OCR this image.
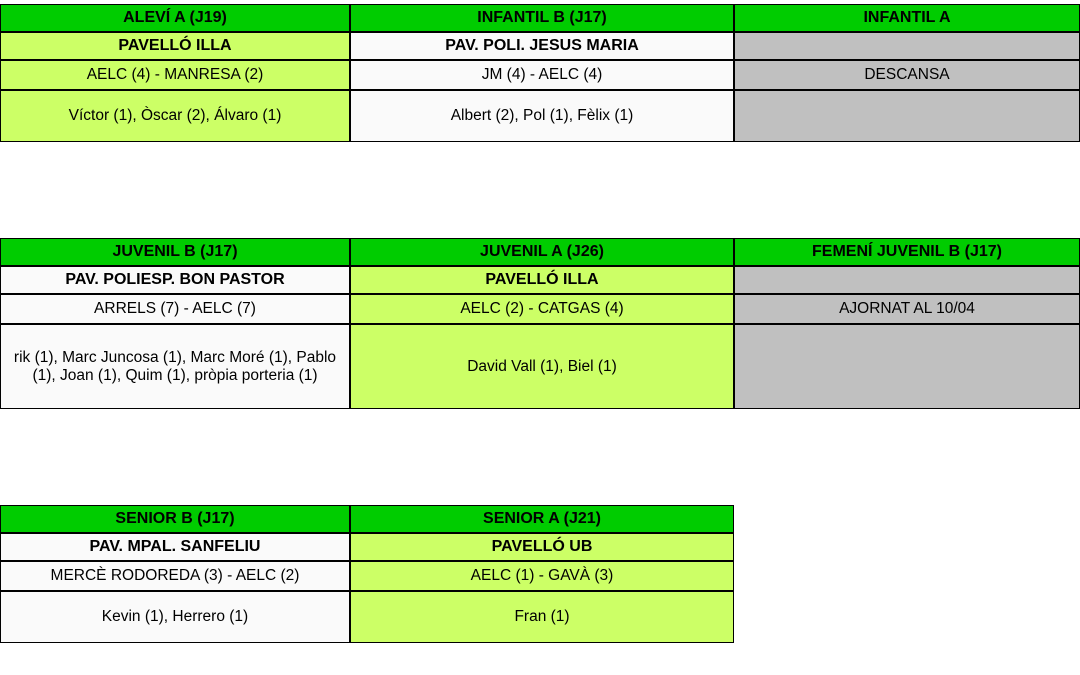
ALEVÍ A (J19)
PAVELLÓ ILLA
AELC (4) - MANRESA (2)
Víctor (1), Òscar (2), Álvaro (1)
INFANTIL B (J17)
PAV. POLI. JESUS MARIA
JM (4) - AELC (4)
Albert (2), Pol (1), Fèlix (1)
INFANTIL A
DESCANSA
JUVENIL B (J17)
PAV. POLIESP. BON PASTOR
ARRELS (7) - AELC (7)
rik (1), Marc Juncosa (1), Marc Moré (1), Pablo (1), Joan (1), Quim (1), pròpia porteria (1)
JUVENIL A (J26)
PAVELLÓ ILLA
AELC (2) - CATGAS (4)
David Vall (1), Biel (1)
FEMENÍ JUVENIL B (J17)
AJORNAT AL 10/04
SENIOR B (J17)
PAV. MPAL. SANFELIU
MERCÈ RODOREDA (3) - AELC (2)
Kevin (1), Herrero (1)
SENIOR A (J21)
PAVELLÓ UB
AELC (1) - GAVÀ (3)
Fran (1)
